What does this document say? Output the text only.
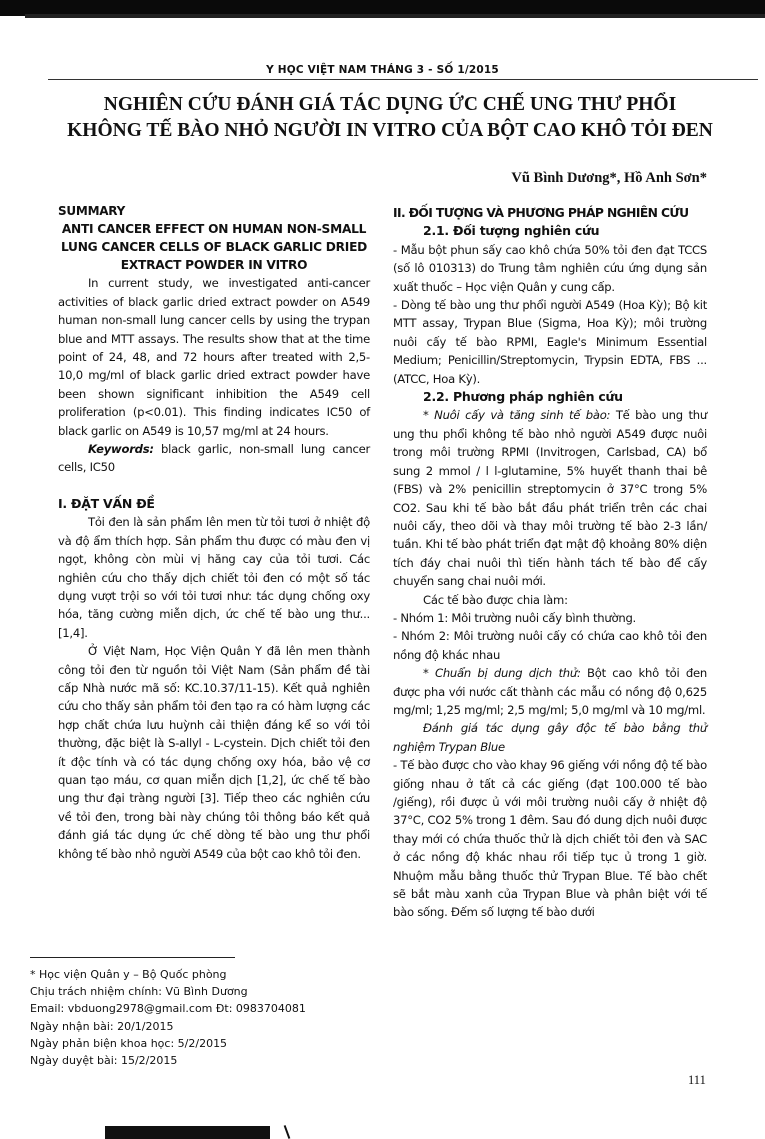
Y HỌC VIỆT NAM THÁNG 3 - SỐ 1/2015
NGHIÊN CỨU ĐÁNH GIÁ TÁC DỤNG ỨC CHẾ UNG THƯ PHỔI
KHÔNG TẾ BÀO NHỎ NGƯỜI IN VITRO CỦA BỘT CAO KHÔ TỎI ĐEN
Vũ Bình Dương*, Hồ Anh Sơn*

SUMMARY

ANTI CANCER EFFECT ON HUMAN NON-SMALL LUNG CANCER CELLS OF BLACK GARLIC DRIED EXTRACT POWDER IN VITRO

In current study, we investigated anti-cancer activities of black garlic dried extract powder on A549 human non-small lung cancer cells by using the trypan blue and MTT assays. The results show that at the time point of 24, 48, and 72 hours after treated with 2,5- 10,0 mg/ml of black garlic dried extract powder have been shown significant inhibition the A549 cell proliferation (p<0.01). This finding indicates IC50 of black garlic on A549 is 10,57 mg/ml at 24 hours.

Keywords: black garlic, non-small lung cancer cells, IC50

I. ĐẶT VẤN ĐỀ

Tỏi đen là sản phẩm lên men từ tỏi tươi ở nhiệt độ và độ ẩm thích hợp. Sản phẩm thu được có màu đen vị ngọt, không còn mùi vị hăng cay của tỏi tươi. Các nghiên cứu cho thấy dịch chiết tỏi đen có một số tác dụng vượt trội so với tỏi tươi như: tác dụng chống oxy hóa, tăng cường miễn dịch, ức chế tế bào ung thư...[1,4].

Ở Việt Nam, Học Viện Quân Y đã lên men thành công tỏi đen từ nguồn tỏi Việt Nam (Sản phẩm đề tài cấp Nhà nước mã số: KC.10.37/11-15). Kết quả nghiên cứu cho thấy sản phẩm tỏi đen tạo ra có hàm lượng các hợp chất chứa lưu huỳnh cải thiện đáng kể so với tỏi thường, đặc biệt là S-allyl - L-cystein. Dịch chiết tỏi đen ít độc tính và có tác dụng chống oxy hóa, bảo vệ cơ quan tạo máu, cơ quan miễn dịch [1,2], ức chế tế bào ung thư đại tràng người [3]. Tiếp theo các nghiên cứu về tỏi đen, trong bài này chúng tôi thông báo kết quả đánh giá tác dụng ức chế dòng tế bào ung thư phổi không tế bào nhỏ người A549 của bột cao khô tỏi đen.

* Học viện Quân y – Bộ Quốc phòng
Chịu trách nhiệm chính: Vũ Bình Dương
Email: vbduong2978@gmail.com Đt: 0983704081
Ngày nhận bài: 20/1/2015
Ngày phản biện khoa học: 5/2/2015
Ngày duyệt bài: 15/2/2015

II. ĐỐI TƯỢNG VÀ PHƯƠNG PHÁP NGHIÊN CỨU

2.1. Đối tượng nghiên cứu

- Mẫu bột phun sấy cao khô chứa 50% tỏi đen đạt TCCS (số lô 010313) do Trung tâm nghiên cứu ứng dụng sản xuất thuốc – Học viện Quân y cung cấp.

- Dòng tế bào ung thư phổi người A549 (Hoa Kỳ); Bộ kit MTT assay, Trypan Blue (Sigma, Hoa Kỳ); môi trường nuôi cấy tế bào RPMI, Eagle's Minimum Essential Medium; Penicillin/Streptomycin, Trypsin EDTA, FBS ... (ATCC, Hoa Kỳ).

2.2. Phương pháp nghiên cứu

* Nuôi cấy và tăng sinh tế bào: Tế bào ung thư ung thu phổi không tế bào nhỏ người A549 được nuôi trong môi trường RPMI (Invitrogen, Carlsbad, CA) bổ sung 2 mmol / l l-glutamine, 5% huyết thanh thai bê (FBS) và 2% penicillin streptomycin ở 37°C trong 5% CO2. Sau khi tế bào bắt đầu phát triển trên các chai nuôi cấy, theo dõi và thay môi trường tế bào 2-3 lần/ tuần. Khi tế bào phát triển đạt mật độ khoảng 80% diện tích đáy chai nuôi thì tiến hành tách tế bào để cấy chuyển sang chai nuôi mới.

Các tế bào được chia làm:

- Nhóm 1: Môi trường nuôi cấy bình thường.

- Nhóm 2: Môi trường nuôi cấy có chứa cao khô tỏi đen nồng độ khác nhau

* Chuẩn bị dung dịch thử: Bột cao khô tỏi đen được pha với nước cất thành các mẫu có nồng độ 0,625 mg/ml; 1,25 mg/ml; 2,5 mg/ml; 5,0 mg/ml và 10 mg/ml.

Đánh giá tác dụng gây độc tế bào bằng thử nghiệm Trypan Blue

- Tế bào được cho vào khay 96 giếng với nồng độ tế bào giống nhau ở tất cả các giếng (đạt 100.000 tế bào /giếng), rồi được ủ với môi trường nuôi cấy ở nhiệt độ 37°C, CO2 5% trong 1 đêm. Sau đó dung dịch nuôi được thay mới có chứa thuốc thử là dịch chiết tỏi đen và SAC ở các nồng độ khác nhau rồi tiếp tục ủ trong 1 giờ. Nhuộm mẫu bằng thuốc thử Trypan Blue. Tế bào chết sẽ bắt màu xanh của Trypan Blue và phân biệt với tế bào sống. Đếm số lượng tế bào dưới

111
